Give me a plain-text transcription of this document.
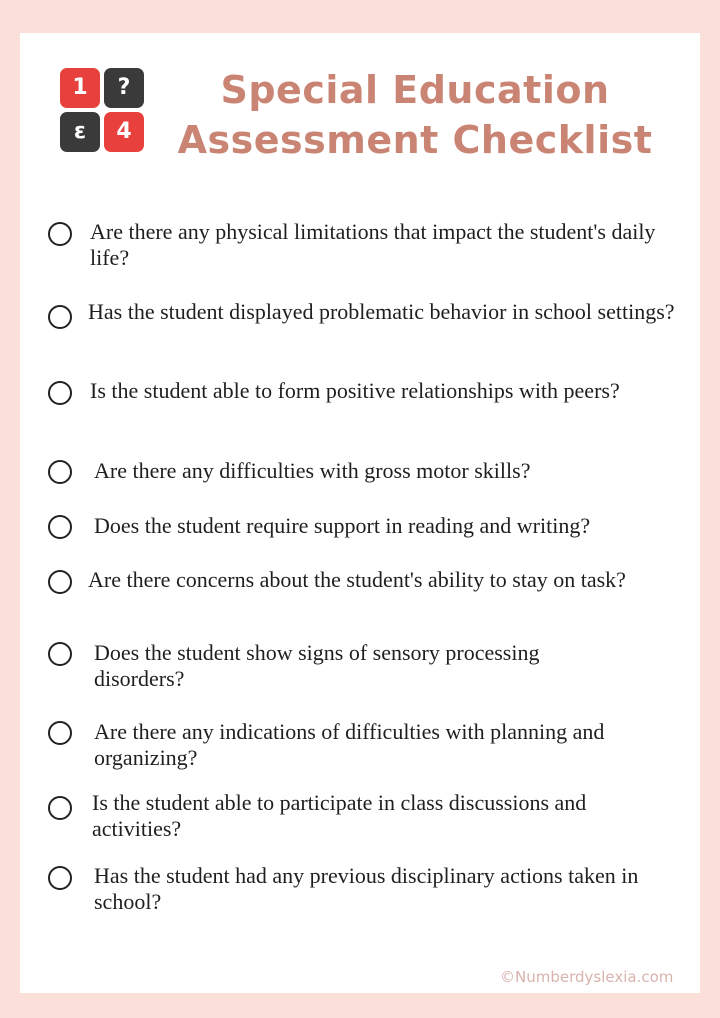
1	?
ε	4
Special Education
Assessment Checklist
Are there any physical limitations that impact the student's daily life?
Has the student displayed problematic behavior in school settings?
Is the student able to form positive relationships with peers?
Are there any difficulties with gross motor skills?
Does the student require support in reading and writing?
Are there concerns about the student's ability to stay on task?
Does the student show signs of sensory processing disorders?
Are there any indications of difficulties with planning and organizing?
Is the student able to participate in class discussions and activities?
Has the student had any previous disciplinary actions taken in school?
©Numberdyslexia.com
